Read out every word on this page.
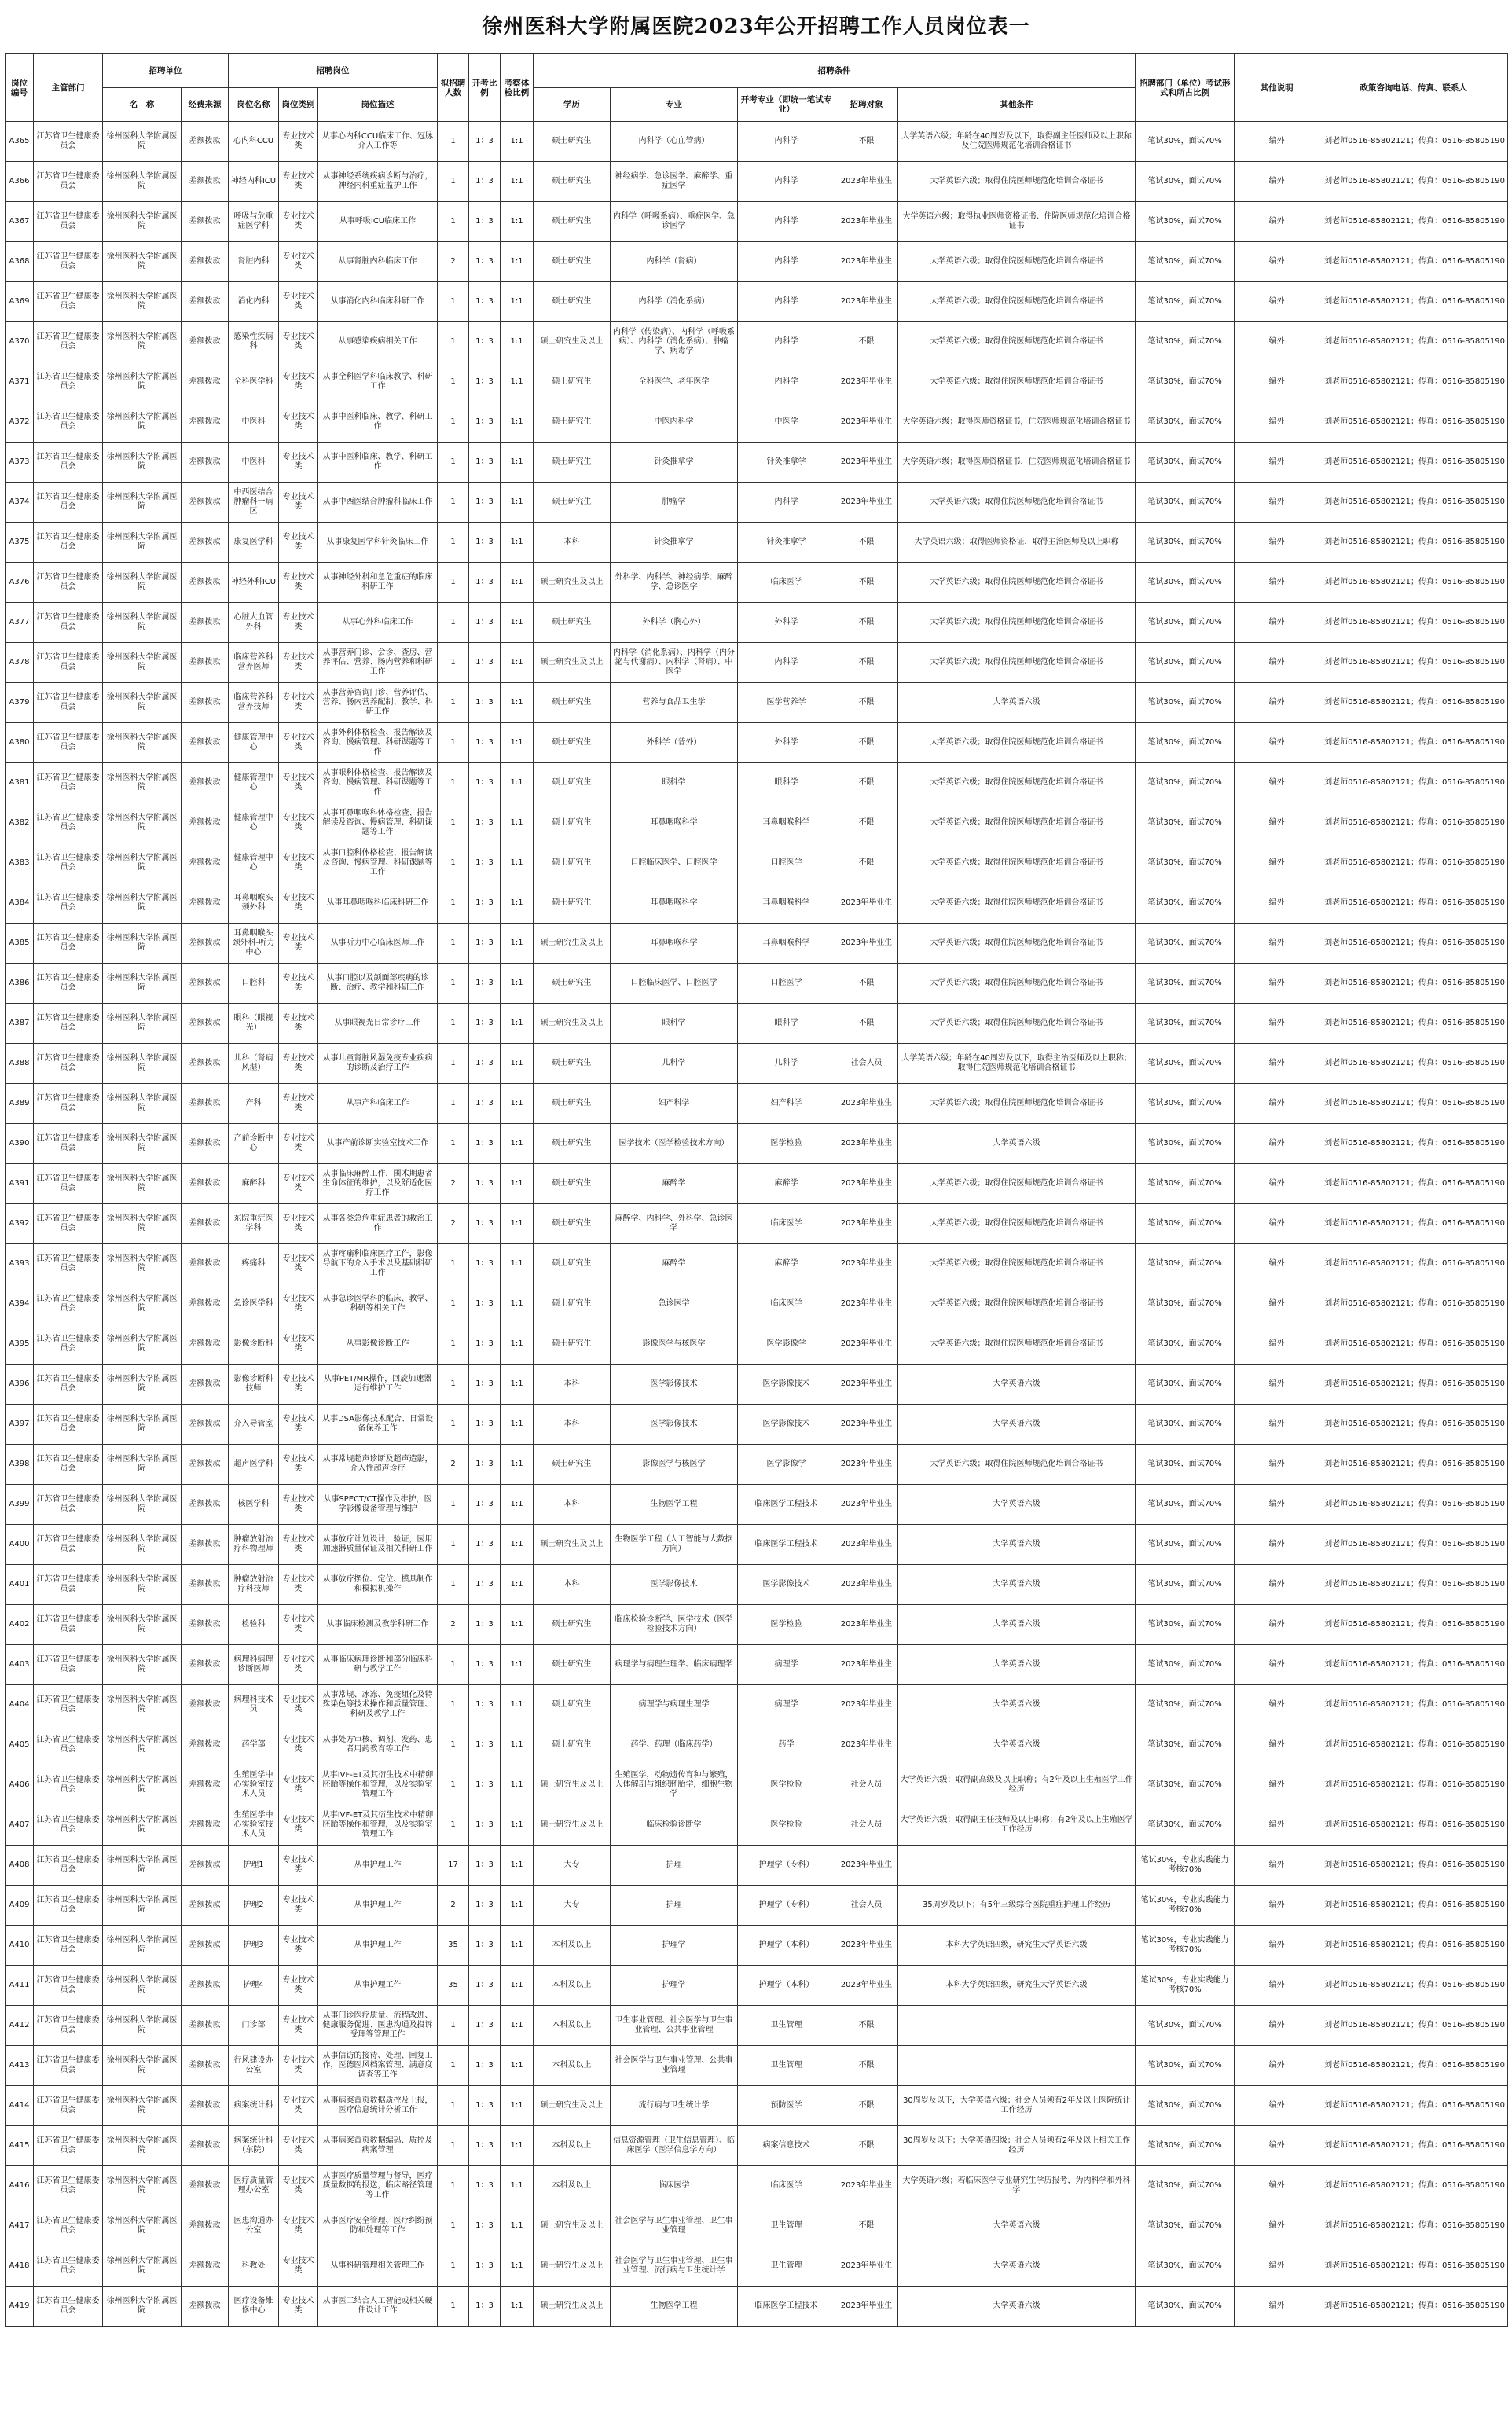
徐州医科大学附属医院2023年公开招聘工作人员岗位表一
岗位编号	主管部门	招聘单位		招聘岗位			拟招聘人数	开考比例	考察体检比例	招聘条件					招聘部门（单位）考试形式和所占比例	其他说明	政策咨询电话、传真、联系人
		名　称	经费来源	岗位名称	岗位类别	岗位描述				学历	专业	开考专业（即统一笔试专业）	招聘对象	其他条件			
A365	江苏省卫生健康委员会	徐州医科大学附属医院	差额拨款	心内科CCU	专业技术类	从事心内科CCU临床工作、冠脉介入工作等	1	1：3	1:1	硕士研究生	内科学（心血管病）	内科学	不限	大学英语六级；年龄在40周岁及以下，取得副主任医师及以上职称及住院医师规范化培训合格证书	笔试30%，面试70%	编外	刘老师0516-85802121；传真：0516-85805190
A366	江苏省卫生健康委员会	徐州医科大学附属医院	差额拨款	神经内科ICU	专业技术类	从事神经系统疾病诊断与治疗，神经内科重症监护工作	1	1：3	1:1	硕士研究生	神经病学、急诊医学、麻醉学、重症医学	内科学	2023年毕业生	大学英语六级；取得住院医师规范化培训合格证书	笔试30%，面试70%	编外	刘老师0516-85802121；传真：0516-85805190
A367	江苏省卫生健康委员会	徐州医科大学附属医院	差额拨款	呼吸与危重症医学科	专业技术类	从事呼吸ICU临床工作	1	1：3	1:1	硕士研究生	内科学（呼吸系病）、重症医学、急诊医学	内科学	2023年毕业生	大学英语六级；取得执业医师资格证书、住院医师规范化培训合格证书	笔试30%，面试70%	编外	刘老师0516-85802121；传真：0516-85805190
A368	江苏省卫生健康委员会	徐州医科大学附属医院	差额拨款	肾脏内科	专业技术类	从事肾脏内科临床工作	2	1：3	1:1	硕士研究生	内科学（肾病）	内科学	2023年毕业生	大学英语六级；取得住院医师规范化培训合格证书	笔试30%，面试70%	编外	刘老师0516-85802121；传真：0516-85805190
A369	江苏省卫生健康委员会	徐州医科大学附属医院	差额拨款	消化内科	专业技术类	从事消化内科临床科研工作	1	1：3	1:1	硕士研究生	内科学（消化系病）	内科学	2023年毕业生	大学英语六级；取得住院医师规范化培训合格证书	笔试30%，面试70%	编外	刘老师0516-85802121；传真：0516-85805190
A370	江苏省卫生健康委员会	徐州医科大学附属医院	差额拨款	感染性疾病科	专业技术类	从事感染疾病相关工作	1	1：3	1:1	硕士研究生及以上	内科学（传染病）、内科学（呼吸系病）、内科学（消化系病）、肿瘤学、病毒学	内科学	不限	大学英语六级；取得住院医师规范化培训合格证书	笔试30%，面试70%	编外	刘老师0516-85802121；传真：0516-85805190
A371	江苏省卫生健康委员会	徐州医科大学附属医院	差额拨款	全科医学科	专业技术类	从事全科医学科临床教学、科研工作	1	1：3	1:1	硕士研究生	全科医学、老年医学	内科学	2023年毕业生	大学英语六级；取得住院医师规范化培训合格证书	笔试30%，面试70%	编外	刘老师0516-85802121；传真：0516-85805190
A372	江苏省卫生健康委员会	徐州医科大学附属医院	差额拨款	中医科	专业技术类	从事中医科临床、教学、科研工作	1	1：3	1:1	硕士研究生	中医内科学	中医学	2023年毕业生	大学英语六级；取得医师资格证书，住院医师规范化培训合格证书	笔试30%，面试70%	编外	刘老师0516-85802121；传真：0516-85805190
A373	江苏省卫生健康委员会	徐州医科大学附属医院	差额拨款	中医科	专业技术类	从事中医科临床、教学、科研工作	1	1：3	1:1	硕士研究生	针灸推拿学	针灸推拿学	2023年毕业生	大学英语六级；取得医师资格证书，住院医师规范化培训合格证书	笔试30%，面试70%	编外	刘老师0516-85802121；传真：0516-85805190
A374	江苏省卫生健康委员会	徐州医科大学附属医院	差额拨款	中西医结合肿瘤科一病区	专业技术类	从事中西医结合肿瘤科临床工作	1	1：3	1:1	硕士研究生	肿瘤学	内科学	2023年毕业生	大学英语六级；取得住院医师规范化培训合格证书	笔试30%，面试70%	编外	刘老师0516-85802121；传真：0516-85805190
A375	江苏省卫生健康委员会	徐州医科大学附属医院	差额拨款	康复医学科	专业技术类	从事康复医学科针灸临床工作	1	1：3	1:1	本科	针灸推拿学	针灸推拿学	不限	大学英语六级；取得医师资格证，取得主治医师及以上职称	笔试30%，面试70%	编外	刘老师0516-85802121；传真：0516-85805190
A376	江苏省卫生健康委员会	徐州医科大学附属医院	差额拨款	神经外科ICU	专业技术类	从事神经外科和急危重症的临床科研工作	1	1：3	1:1	硕士研究生及以上	外科学、内科学、神经病学、麻醉学、急诊医学	临床医学	不限	大学英语六级；取得住院医师规范化培训合格证书	笔试30%，面试70%	编外	刘老师0516-85802121；传真：0516-85805190
A377	江苏省卫生健康委员会	徐州医科大学附属医院	差额拨款	心脏大血管外科	专业技术类	从事心外科临床工作	1	1：3	1:1	硕士研究生	外科学（胸心外）	外科学	不限	大学英语六级；取得住院医师规范化培训合格证书	笔试30%，面试70%	编外	刘老师0516-85802121；传真：0516-85805190
A378	江苏省卫生健康委员会	徐州医科大学附属医院	差额拨款	临床营养科营养医师	专业技术类	从事营养门诊、会诊、查房、营养评估、营养、肠内营养和科研工作	1	1：3	1:1	硕士研究生及以上	内科学（消化系病）、内科学（内分泌与代谢病）、内科学（肾病）、中医学	内科学	不限	大学英语六级；取得住院医师规范化培训合格证书	笔试30%，面试70%	编外	刘老师0516-85802121；传真：0516-85805190
A379	江苏省卫生健康委员会	徐州医科大学附属医院	差额拨款	临床营养科营养技师	专业技术类	从事营养咨询门诊、营养评估、营养、肠内营养配制、教学、科研工作	1	1：3	1:1	硕士研究生	营养与食品卫生学	医学营养学	不限	大学英语六级	笔试30%，面试70%	编外	刘老师0516-85802121；传真：0516-85805190
A380	江苏省卫生健康委员会	徐州医科大学附属医院	差额拨款	健康管理中心	专业技术类	从事外科体格检查、报告解读及咨询、慢病管理、科研课题等工作	1	1：3	1:1	硕士研究生	外科学（普外）	外科学	不限	大学英语六级；取得住院医师规范化培训合格证书	笔试30%，面试70%	编外	刘老师0516-85802121；传真：0516-85805190
A381	江苏省卫生健康委员会	徐州医科大学附属医院	差额拨款	健康管理中心	专业技术类	从事眼科体格检查、报告解读及咨询、慢病管理、科研课题等工作	1	1：3	1:1	硕士研究生	眼科学	眼科学	不限	大学英语六级；取得住院医师规范化培训合格证书	笔试30%，面试70%	编外	刘老师0516-85802121；传真：0516-85805190
A382	江苏省卫生健康委员会	徐州医科大学附属医院	差额拨款	健康管理中心	专业技术类	从事耳鼻咽喉科体格检查、报告解读及咨询、慢病管理、科研课题等工作	1	1：3	1:1	硕士研究生	耳鼻咽喉科学	耳鼻咽喉科学	不限	大学英语六级；取得住院医师规范化培训合格证书	笔试30%，面试70%	编外	刘老师0516-85802121；传真：0516-85805190
A383	江苏省卫生健康委员会	徐州医科大学附属医院	差额拨款	健康管理中心	专业技术类	从事口腔科体格检查、报告解读及咨询、慢病管理、科研课题等工作	1	1：3	1:1	硕士研究生	口腔临床医学、口腔医学	口腔医学	不限	大学英语六级；取得住院医师规范化培训合格证书	笔试30%，面试70%	编外	刘老师0516-85802121；传真：0516-85805190
A384	江苏省卫生健康委员会	徐州医科大学附属医院	差额拨款	耳鼻咽喉头颈外科	专业技术类	从事耳鼻咽喉科临床科研工作	1	1：3	1:1	硕士研究生	耳鼻咽喉科学	耳鼻咽喉科学	2023年毕业生	大学英语六级；取得住院医师规范化培训合格证书	笔试30%，面试70%	编外	刘老师0516-85802121；传真：0516-85805190
A385	江苏省卫生健康委员会	徐州医科大学附属医院	差额拨款	耳鼻咽喉头颈外科-听力中心	专业技术类	从事听力中心临床医师工作	1	1：3	1:1	硕士研究生及以上	耳鼻咽喉科学	耳鼻咽喉科学	2023年毕业生	大学英语六级；取得住院医师规范化培训合格证书	笔试30%，面试70%	编外	刘老师0516-85802121；传真：0516-85805190
A386	江苏省卫生健康委员会	徐州医科大学附属医院	差额拨款	口腔科	专业技术类	从事口腔以及颌面部疾病的诊断、治疗、教学和科研工作	1	1：3	1:1	硕士研究生	口腔临床医学、口腔医学	口腔医学	不限	大学英语六级；取得住院医师规范化培训合格证书	笔试30%，面试70%	编外	刘老师0516-85802121；传真：0516-85805190
A387	江苏省卫生健康委员会	徐州医科大学附属医院	差额拨款	眼科（眼视光）	专业技术类	从事眼视光日常诊疗工作	1	1：3	1:1	硕士研究生及以上	眼科学	眼科学	不限	大学英语六级；取得住院医师规范化培训合格证书	笔试30%，面试70%	编外	刘老师0516-85802121；传真：0516-85805190
A388	江苏省卫生健康委员会	徐州医科大学附属医院	差额拨款	儿科（肾病风湿）	专业技术类	从事儿童肾脏风湿免疫专业疾病的诊断及治疗工作	1	1：3	1:1	硕士研究生	儿科学	儿科学	社会人员	大学英语六级；年龄在40周岁及以下，取得主治医师及以上职称；取得住院医师规范化培训合格证书	笔试30%，面试70%	编外	刘老师0516-85802121；传真：0516-85805190
A389	江苏省卫生健康委员会	徐州医科大学附属医院	差额拨款	产科	专业技术类	从事产科临床工作	1	1：3	1:1	硕士研究生	妇产科学	妇产科学	2023年毕业生	大学英语六级；取得住院医师规范化培训合格证书	笔试30%，面试70%	编外	刘老师0516-85802121；传真：0516-85805190
A390	江苏省卫生健康委员会	徐州医科大学附属医院	差额拨款	产前诊断中心	专业技术类	从事产前诊断实验室技术工作	1	1：3	1:1	硕士研究生	医学技术（医学检验技术方向）	医学检验	2023年毕业生	大学英语六级	笔试30%，面试70%	编外	刘老师0516-85802121；传真：0516-85805190
A391	江苏省卫生健康委员会	徐州医科大学附属医院	差额拨款	麻醉科	专业技术类	从事临床麻醉工作，围术期患者生命体征的维护，以及舒适化医疗工作	2	1：3	1:1	硕士研究生	麻醉学	麻醉学	2023年毕业生	大学英语六级；取得住院医师规范化培训合格证书	笔试30%，面试70%	编外	刘老师0516-85802121；传真：0516-85805190
A392	江苏省卫生健康委员会	徐州医科大学附属医院	差额拨款	东院重症医学科	专业技术类	从事各类急危重症患者的救治工作	2	1：3	1:1	硕士研究生	麻醉学、内科学、外科学、急诊医学	临床医学	2023年毕业生	大学英语六级；取得住院医师规范化培训合格证书	笔试30%，面试70%	编外	刘老师0516-85802121；传真：0516-85805190
A393	江苏省卫生健康委员会	徐州医科大学附属医院	差额拨款	疼痛科	专业技术类	从事疼痛科临床医疗工作，影像导航下的介入手术以及基础科研工作	1	1：3	1:1	硕士研究生	麻醉学	麻醉学	2023年毕业生	大学英语六级；取得住院医师规范化培训合格证书	笔试30%，面试70%	编外	刘老师0516-85802121；传真：0516-85805190
A394	江苏省卫生健康委员会	徐州医科大学附属医院	差额拨款	急诊医学科	专业技术类	从事急诊医学科的临床、教学、科研等相关工作	1	1：3	1:1	硕士研究生	急诊医学	临床医学	2023年毕业生	大学英语六级；取得住院医师规范化培训合格证书	笔试30%，面试70%	编外	刘老师0516-85802121；传真：0516-85805190
A395	江苏省卫生健康委员会	徐州医科大学附属医院	差额拨款	影像诊断科	专业技术类	从事影像诊断工作	1	1：3	1:1	硕士研究生	影像医学与核医学	医学影像学	2023年毕业生	大学英语六级；取得住院医师规范化培训合格证书	笔试30%，面试70%	编外	刘老师0516-85802121；传真：0516-85805190
A396	江苏省卫生健康委员会	徐州医科大学附属医院	差额拨款	影像诊断科技师	专业技术类	从事PET/MR操作，回旋加速器运行维护工作	1	1：3	1:1	本科	医学影像技术	医学影像技术	2023年毕业生	大学英语六级	笔试30%，面试70%	编外	刘老师0516-85802121；传真：0516-85805190
A397	江苏省卫生健康委员会	徐州医科大学附属医院	差额拨款	介入导管室	专业技术类	从事DSA影像技术配合、日常设备保养工作	1	1：3	1:1	本科	医学影像技术	医学影像技术	2023年毕业生	大学英语六级	笔试30%，面试70%	编外	刘老师0516-85802121；传真：0516-85805190
A398	江苏省卫生健康委员会	徐州医科大学附属医院	差额拨款	超声医学科	专业技术类	从事常规超声诊断及超声造影，介入性超声诊疗	2	1：3	1:1	硕士研究生	影像医学与核医学	医学影像学	2023年毕业生	大学英语六级；取得住院医师规范化培训合格证书	笔试30%，面试70%	编外	刘老师0516-85802121；传真：0516-85805190
A399	江苏省卫生健康委员会	徐州医科大学附属医院	差额拨款	核医学科	专业技术类	从事SPECT/CT操作及维护，医学影像设备管理与维护	1	1：3	1:1	本科	生物医学工程	临床医学工程技术	2023年毕业生	大学英语六级	笔试30%，面试70%	编外	刘老师0516-85802121；传真：0516-85805190
A400	江苏省卫生健康委员会	徐州医科大学附属医院	差额拨款	肿瘤放射治疗科物理师	专业技术类	从事放疗计划设计，验证，医用加速器质量保证及相关科研工作	1	1：3	1:1	硕士研究生及以上	生物医学工程（人工智能与大数据方向）	临床医学工程技术	2023年毕业生	大学英语六级	笔试30%，面试70%	编外	刘老师0516-85802121；传真：0516-85805190
A401	江苏省卫生健康委员会	徐州医科大学附属医院	差额拨款	肿瘤放射治疗科技师	专业技术类	从事放疗摆位、定位、模具制作和模拟机操作	1	1：3	1:1	本科	医学影像技术	医学影像技术	2023年毕业生	大学英语六级	笔试30%，面试70%	编外	刘老师0516-85802121；传真：0516-85805190
A402	江苏省卫生健康委员会	徐州医科大学附属医院	差额拨款	检验科	专业技术类	从事临床检测及教学科研工作	2	1：3	1:1	硕士研究生	临床检验诊断学、医学技术（医学检验技术方向）	医学检验	2023年毕业生	大学英语六级	笔试30%，面试70%	编外	刘老师0516-85802121；传真：0516-85805190
A403	江苏省卫生健康委员会	徐州医科大学附属医院	差额拨款	病理科病理诊断医师	专业技术类	从事临床病理诊断和部分临床科研与教学工作	1	1：3	1:1	硕士研究生	病理学与病理生理学、临床病理学	病理学	2023年毕业生	大学英语六级	笔试30%，面试70%	编外	刘老师0516-85802121；传真：0516-85805190
A404	江苏省卫生健康委员会	徐州医科大学附属医院	差额拨款	病理科技术员	专业技术类	从事常规、冰冻、免疫组化及特殊染色等技术操作和质量管理、科研及教学工作	1	1：3	1:1	硕士研究生	病理学与病理生理学	病理学	2023年毕业生	大学英语六级	笔试30%，面试70%	编外	刘老师0516-85802121；传真：0516-85805190
A405	江苏省卫生健康委员会	徐州医科大学附属医院	差额拨款	药学部	专业技术类	从事处方审核、调剂、发药、患者用药教育等工作	1	1：3	1:1	硕士研究生	药学、药理（临床药学）	药学	2023年毕业生	大学英语六级	笔试30%，面试70%	编外	刘老师0516-85802121；传真：0516-85805190
A406	江苏省卫生健康委员会	徐州医科大学附属医院	差额拨款	生殖医学中心实验室技术人员	专业技术类	从事IVF-ET及其衍生技术中精卵胚胎等操作和管理，以及实验室管理工作	1	1：3	1:1	硕士研究生及以上	生殖医学，动物遗传育种与繁殖，人体解剖与组织胚胎学，细胞生物学	医学检验	社会人员	大学英语六级；取得副高级及以上职称；有2年及以上生殖医学工作经历	笔试30%，面试70%	编外	刘老师0516-85802121；传真：0516-85805190
A407	江苏省卫生健康委员会	徐州医科大学附属医院	差额拨款	生殖医学中心实验室技术人员	专业技术类	从事IVF-ET及其衍生技术中精卵胚胎等操作和管理，以及实验室管理工作	1	1：3	1:1	硕士研究生及以上	临床检验诊断学	医学检验	社会人员	大学英语六级；取得副主任技师及以上职称；有2年及以上生殖医学工作经历	笔试30%，面试70%	编外	刘老师0516-85802121；传真：0516-85805190
A408	江苏省卫生健康委员会	徐州医科大学附属医院	差额拨款	护理1	专业技术类	从事护理工作	17	1：3	1:1	大专	护理	护理学（专科）	2023年毕业生		笔试30%，专业实践能力考核70%	编外	刘老师0516-85802121；传真：0516-85805190
A409	江苏省卫生健康委员会	徐州医科大学附属医院	差额拨款	护理2	专业技术类	从事护理工作	2	1：3	1:1	大专	护理	护理学（专科）	社会人员	35周岁及以下；有5年三级综合医院重症护理工作经历	笔试30%，专业实践能力考核70%	编外	刘老师0516-85802121；传真：0516-85805190
A410	江苏省卫生健康委员会	徐州医科大学附属医院	差额拨款	护理3	专业技术类	从事护理工作	35	1：3	1:1	本科及以上	护理学	护理学（本科）	2023年毕业生	本科大学英语四级，研究生大学英语六级	笔试30%，专业实践能力考核70%	编外	刘老师0516-85802121；传真：0516-85805190
A411	江苏省卫生健康委员会	徐州医科大学附属医院	差额拨款	护理4	专业技术类	从事护理工作	35	1：3	1:1	本科及以上	护理学	护理学（本科）	2023年毕业生	本科大学英语四级，研究生大学英语六级	笔试30%，专业实践能力考核70%	编外	刘老师0516-85802121；传真：0516-85805190
A412	江苏省卫生健康委员会	徐州医科大学附属医院	差额拨款	门诊部	专业技术类	从事门诊医疗质量、流程改进、健康服务促进、医患沟通及投诉受理等管理工作	1	1：3	1:1	本科及以上	卫生事业管理、社会医学与卫生事业管理、公共事业管理	卫生管理	不限		笔试30%，面试70%	编外	刘老师0516-85802121；传真：0516-85805190
A413	江苏省卫生健康委员会	徐州医科大学附属医院	差额拨款	行风建设办公室	专业技术类	从事信访的接待、处理、回复工作，医德医风档案管理、满意度调查等工作	1	1：3	1:1	本科及以上	社会医学与卫生事业管理、公共事业管理	卫生管理	不限		笔试30%，面试70%	编外	刘老师0516-85802121；传真：0516-85805190
A414	江苏省卫生健康委员会	徐州医科大学附属医院	差额拨款	病案统计科	专业技术类	从事病案首页数据质控及上报，医疗信息统计分析工作	1	1：3	1:1	硕士研究生及以上	流行病与卫生统计学	预防医学	不限	30周岁及以下，大学英语六级；社会人员须有2年及以上医院统计工作经历	笔试30%，面试70%	编外	刘老师0516-85802121；传真：0516-85805190
A415	江苏省卫生健康委员会	徐州医科大学附属医院	差额拨款	病案统计科（东院）	专业技术类	从事病案首页数据编码、质控及病案管理	1	1：3	1:1	本科及以上	信息资源管理（卫生信息管理）、临床医学（医学信息学方向）	病案信息技术	不限	30周岁及以下；大学英语四级；社会人员须有2年及以上相关工作经历	笔试30%，面试70%	编外	刘老师0516-85802121；传真：0516-85805190
A416	江苏省卫生健康委员会	徐州医科大学附属医院	差额拨款	医疗质量管理办公室	专业技术类	从事医疗质量管理与督导，医疗质量数据的报送，临床路径管理等工作	1	1：3	1:1	本科及以上	临床医学	临床医学	2023年毕业生	大学英语六级；若临床医学专业研究生学历报考，为内科学和外科学	笔试30%，面试70%	编外	刘老师0516-85802121；传真：0516-85805190
A417	江苏省卫生健康委员会	徐州医科大学附属医院	差额拨款	医患沟通办公室	专业技术类	从事医疗安全管理、医疗纠纷预防和处理等工作	1	1：3	1:1	硕士研究生及以上	社会医学与卫生事业管理、卫生事业管理	卫生管理	不限	大学英语六级	笔试30%，面试70%	编外	刘老师0516-85802121；传真：0516-85805190
A418	江苏省卫生健康委员会	徐州医科大学附属医院	差额拨款	科教处	专业技术类	从事科研管理相关管理工作	1	1：3	1:1	硕士研究生及以上	社会医学与卫生事业管理、卫生事业管理、流行病与卫生统计学	卫生管理	2023年毕业生	大学英语六级	笔试30%，面试70%	编外	刘老师0516-85802121；传真：0516-85805190
A419	江苏省卫生健康委员会	徐州医科大学附属医院	差额拨款	医疗设备维修中心	专业技术类	从事医工结合人工智能或相关硬件设计工作	1	1：3	1:1	硕士研究生及以上	生物医学工程	临床医学工程技术	2023年毕业生	大学英语六级	笔试30%，面试70%	编外	刘老师0516-85802121；传真：0516-85805190
